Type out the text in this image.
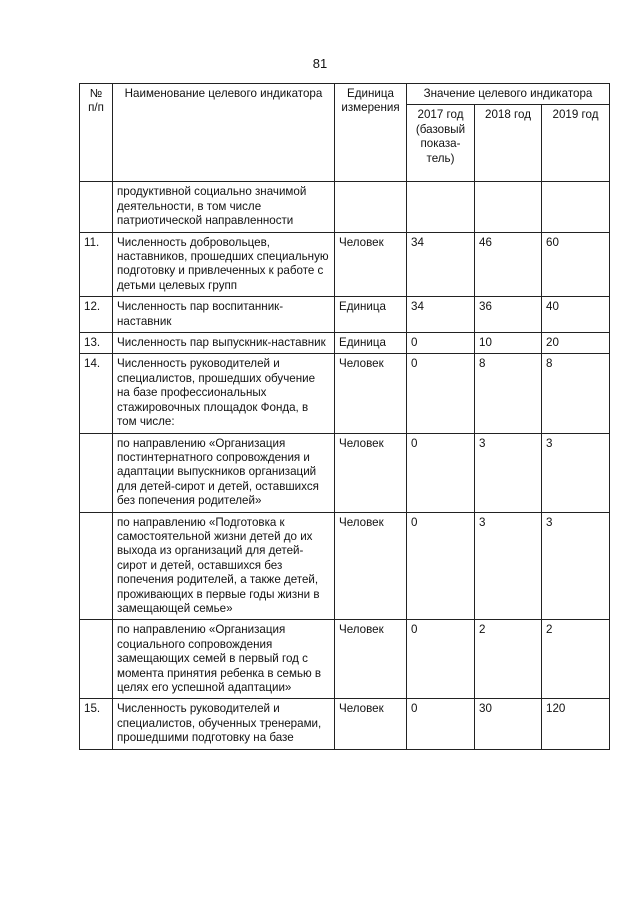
81
№ п/п	Наименование целевого индикатора	Единица измерения	Значение целевого индикатора		
			2017 год (базовый показа-тель)	2018 год	2019 год
	продуктивной социально значимой деятельности, в том числе патриотической направленности				
11.	Численность добровольцев, наставников, прошедших специальную подготовку и привлеченных к работе с детьми целевых групп	Человек	34	46	60
12.	Численность пар воспитанник-наставник	Единица	34	36	40
13.	Численность пар выпускник-наставник	Единица	0	10	20
14.	Численность руководителей и специалистов, прошедших обучение на базе профессиональных стажировочных площадок Фонда, в том числе:	Человек	0	8	8
	по направлению «Организация постинтернатного сопровождения и адаптации выпускников организаций для детей-сирот и детей, оставшихся без попечения родителей»	Человек	0	3	3
	по направлению «Подготовка к самостоятельной жизни детей до их выхода из организаций для детей-сирот и детей, оставшихся без попечения родителей, а также детей, проживающих в первые годы жизни в замещающей семье»	Человек	0	3	3
	по направлению «Организация социального сопровождения замещающих семей в первый год с момента принятия ребенка в семью в целях его успешной адаптации»	Человек	0	2	2
15.	Численность руководителей и специалистов, обученных тренерами, прошедшими подготовку на базе	Человек	0	30	120
